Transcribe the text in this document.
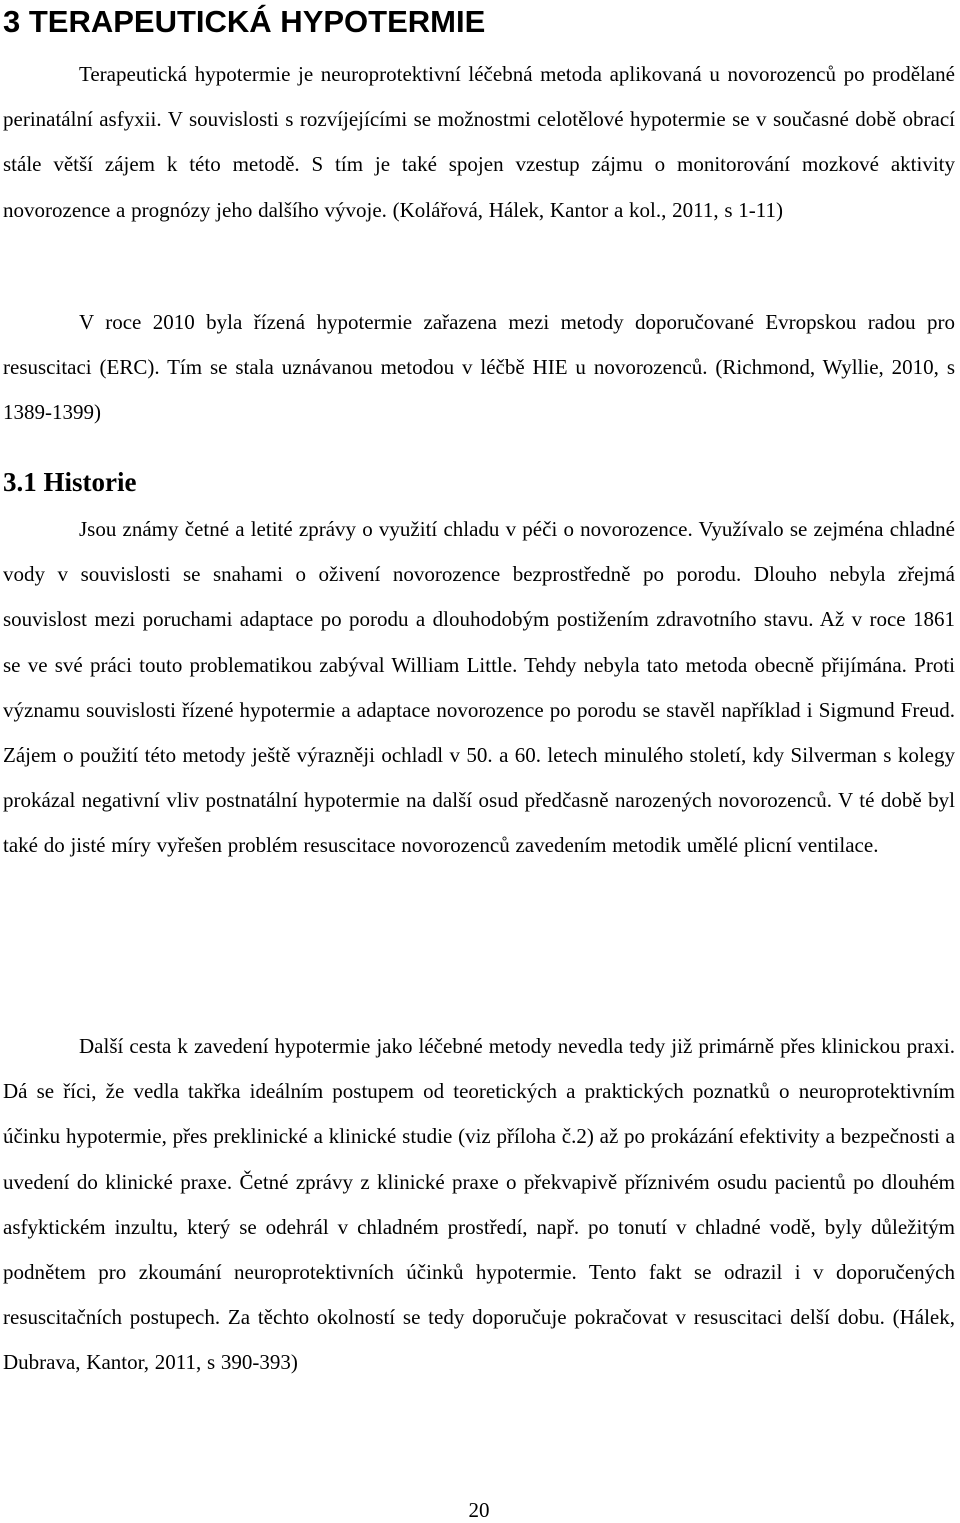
3 TERAPEUTICKÁ HYPOTERMIE

Terapeutická hypotermie je neuroprotektivní léčebná metoda aplikovaná u novorozenců po prodělané perinatální asfyxii. V souvislosti s rozvíjejícími se možnostmi celotělové hypotermie se v současné době obrací stále větší zájem k této metodě. S tím je také spojen vzestup zájmu o monitorování mozkové aktivity novorozence a prognózy jeho dalšího vývoje. (Kolářová, Hálek, Kantor a kol., 2011, s 1-11)

V roce 2010 byla řízená hypotermie zařazena mezi metody doporučované Evropskou radou pro resuscitaci (ERC). Tím se stala uznávanou metodou v léčbě HIE u novorozenců. (Richmond, Wyllie, 2010, s 1389-1399)

3.1 Historie

Jsou známy četné a letité zprávy o využití chladu v péči o novorozence. Využívalo se zejména chladné vody v souvislosti se snahami o oživení novorozence bezprostředně po porodu. Dlouho nebyla zřejmá souvislost mezi poruchami adaptace po porodu a dlouhodobým postižením zdravotního stavu. Až v roce 1861 se ve své práci touto problematikou zabýval William Little. Tehdy nebyla tato metoda obecně přijímána. Proti významu souvislosti řízené hypotermie a adaptace novorozence po porodu se stavěl například i Sigmund Freud. Zájem o použití této metody ještě výrazněji ochladl v 50. a 60. letech minulého století, kdy Silverman s kolegy prokázal negativní vliv postnatální hypotermie na další osud předčasně narozených novorozenců. V té době byl také do jisté míry vyřešen problém resuscitace novorozenců zavedením metodik umělé plicní ventilace.

Další cesta k zavedení hypotermie jako léčebné metody nevedla tedy již primárně přes klinickou praxi. Dá se říci, že vedla takřka ideálním postupem od teoretických a praktických poznatků o neuroprotektivním účinku hypotermie, přes preklinické a klinické studie (viz příloha č.2) až po prokázání efektivity a bezpečnosti a uvedení do klinické praxe. Četné zprávy z klinické praxe o překvapivě příznivém osudu pacientů po dlouhém asfyktickém inzultu, který se odehrál v chladném prostředí, např. po tonutí v chladné vodě, byly důležitým podnětem pro zkoumání neuroprotektivních účinků hypotermie. Tento fakt se odrazil i v doporučených resuscitačních postupech. Za těchto okolností se tedy doporučuje pokračovat v resuscitaci delší dobu. (Hálek, Dubrava, Kantor, 2011, s 390-393)

20
